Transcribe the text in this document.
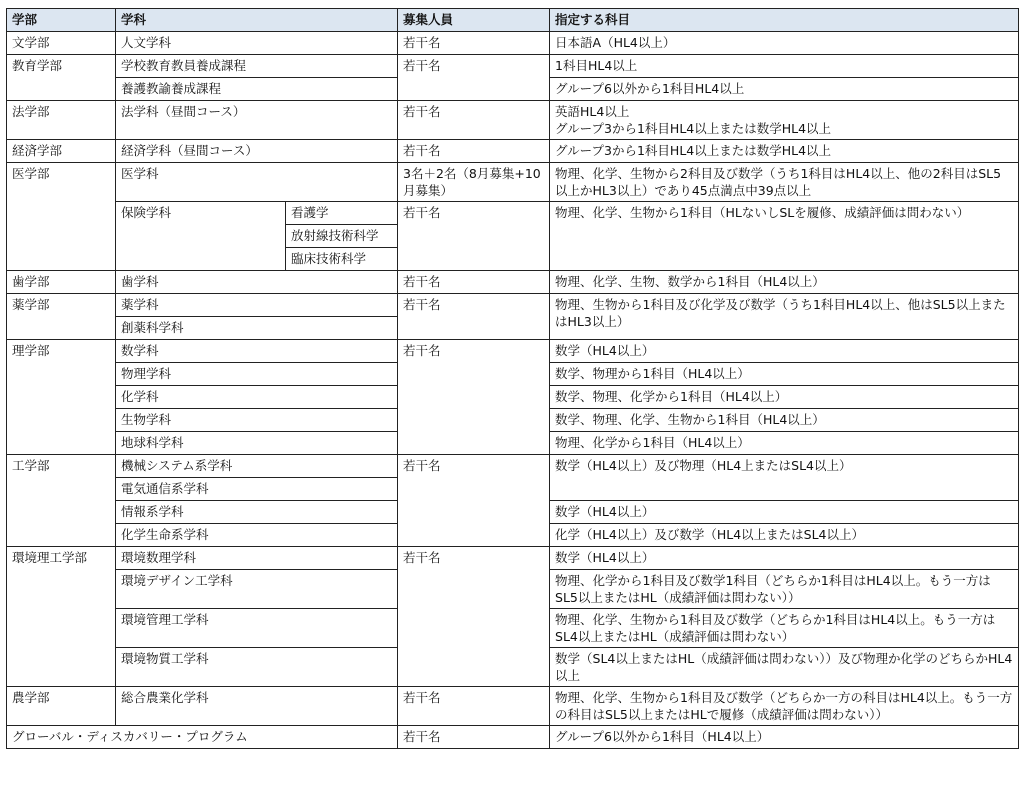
学部	学科		募集人員	指定する科目
文学部	人文学科		若干名	日本語A（HL4以上）
教育学部	学校教育教員養成課程		若干名	1科目HL4以上
	養護教諭養成課程			グループ6以外から1科目HL4以上
法学部	法学科（昼間コース）		若干名	英語HL4以上
グループ3から1科目HL4以上または数学HL4以上

経済学部	経済学科（昼間コース）		若干名	グループ3から1科目HL4以上または数学HL4以上
医学部	医学科		3名＋2名（8月募集+10月募集）	物理、化学、生物から2科目及び数学（うち1科目はHL4以上、他の2科目はSL5以上かHL3以上）であり45点満点中39点以上
	保険学科	看護学	若干名	物理、化学、生物から1科目（HLないしSLを履修、成績評価は問わない）
		放射線技術科学		
		臨床技術科学		
歯学部	歯学科		若干名	物理、化学、生物、数学から1科目（HL4以上）
薬学部	薬学科		若干名	物理、生物から1科目及び化学及び数学（うち1科目HL4以上、他はSL5以上またはHL3以上）
	創薬科学科			
理学部	数学科		若干名	数学（HL4以上）
	物理学科			数学、物理から1科目（HL4以上）
	化学科			数学、物理、化学から1科目（HL4以上）
	生物学科			数学、物理、化学、生物から1科目（HL4以上）
	地球科学科			物理、化学から1科目（HL4以上）
工学部	機械システム系学科		若干名	数学（HL4以上）及び物理（HL4上またはSL4以上）
	電気通信系学科			
	情報系学科			数学（HL4以上）
	化学生命系学科			化学（HL4以上）及び数学（HL4以上またはSL4以上）
環境理工学部	環境数理学科		若干名	数学（HL4以上）
	環境デザイン工学科			物理、化学から1科目及び数学1科目（どちらか1科目はHL4以上。もう一方はSL5以上またはHL（成績評価は問わない））
	環境管理工学科			物理、化学、生物から1科目及び数学（どちらか1科目はHL4以上。もう一方はSL4以上またはHL（成績評価は問わない）
	環境物質工学科			数学（SL4以上またはHL（成績評価は問わない））及び物理か化学のどちらかHL4以上
農学部	総合農業化学科		若干名	物理、化学、生物から1科目及び数学（どちらか一方の科目はHL4以上。もう一方の科目はSL5以上またはHLで履修（成績評価は問わない））
グローバル・ディスカバリー・プログラム			若干名	グループ6以外から1科目（HL4以上）
